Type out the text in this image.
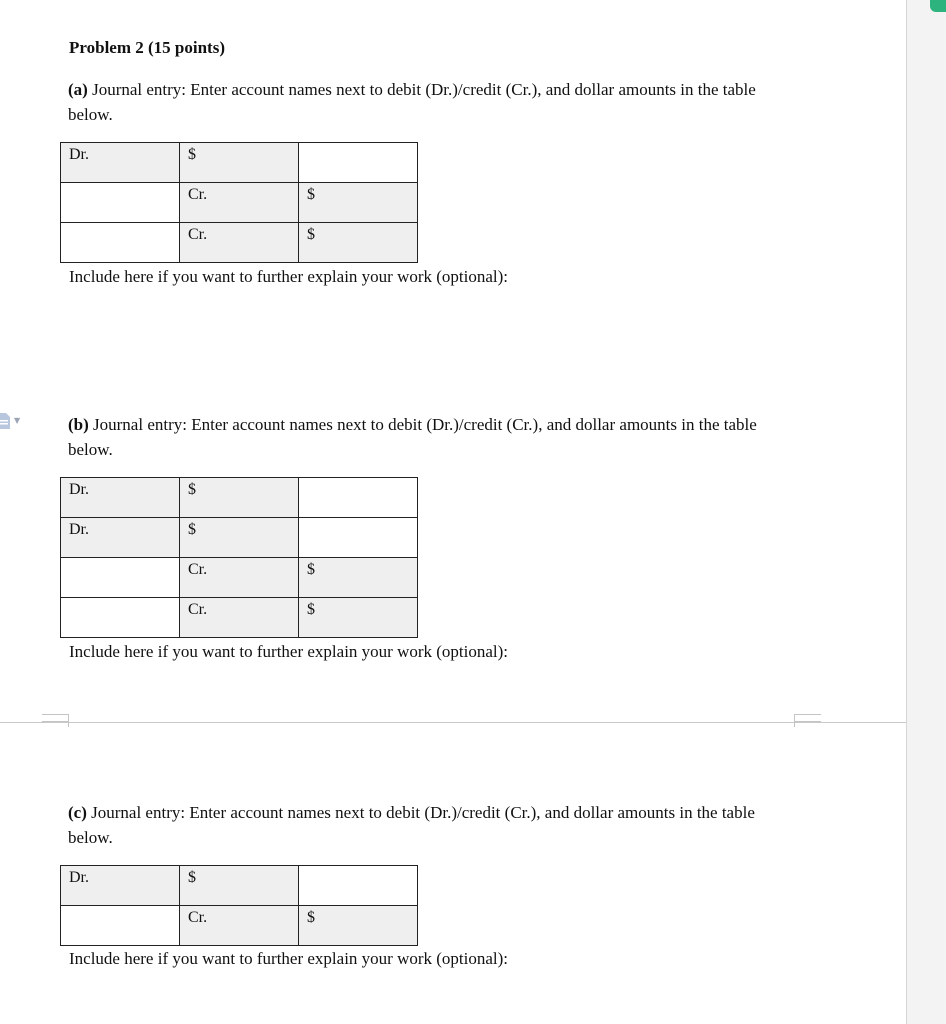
▼
Problem 2 (15 points)
(a) Journal entry: Enter account names next to debit (Dr.)/credit (Cr.), and dollar amounts in the table below.
Dr.	$	
	Cr.	$
	Cr.	$
Include here if you want to further explain your work (optional):
(b) Journal entry: Enter account names next to debit (Dr.)/credit (Cr.), and dollar amounts in the table below.
Dr.	$	
Dr.	$	
	Cr.	$
	Cr.	$
Include here if you want to further explain your work (optional):
(c) Journal entry: Enter account names next to debit (Dr.)/credit (Cr.), and dollar amounts in the table below.
Dr.	$	
	Cr.	$
Include here if you want to further explain your work (optional):
